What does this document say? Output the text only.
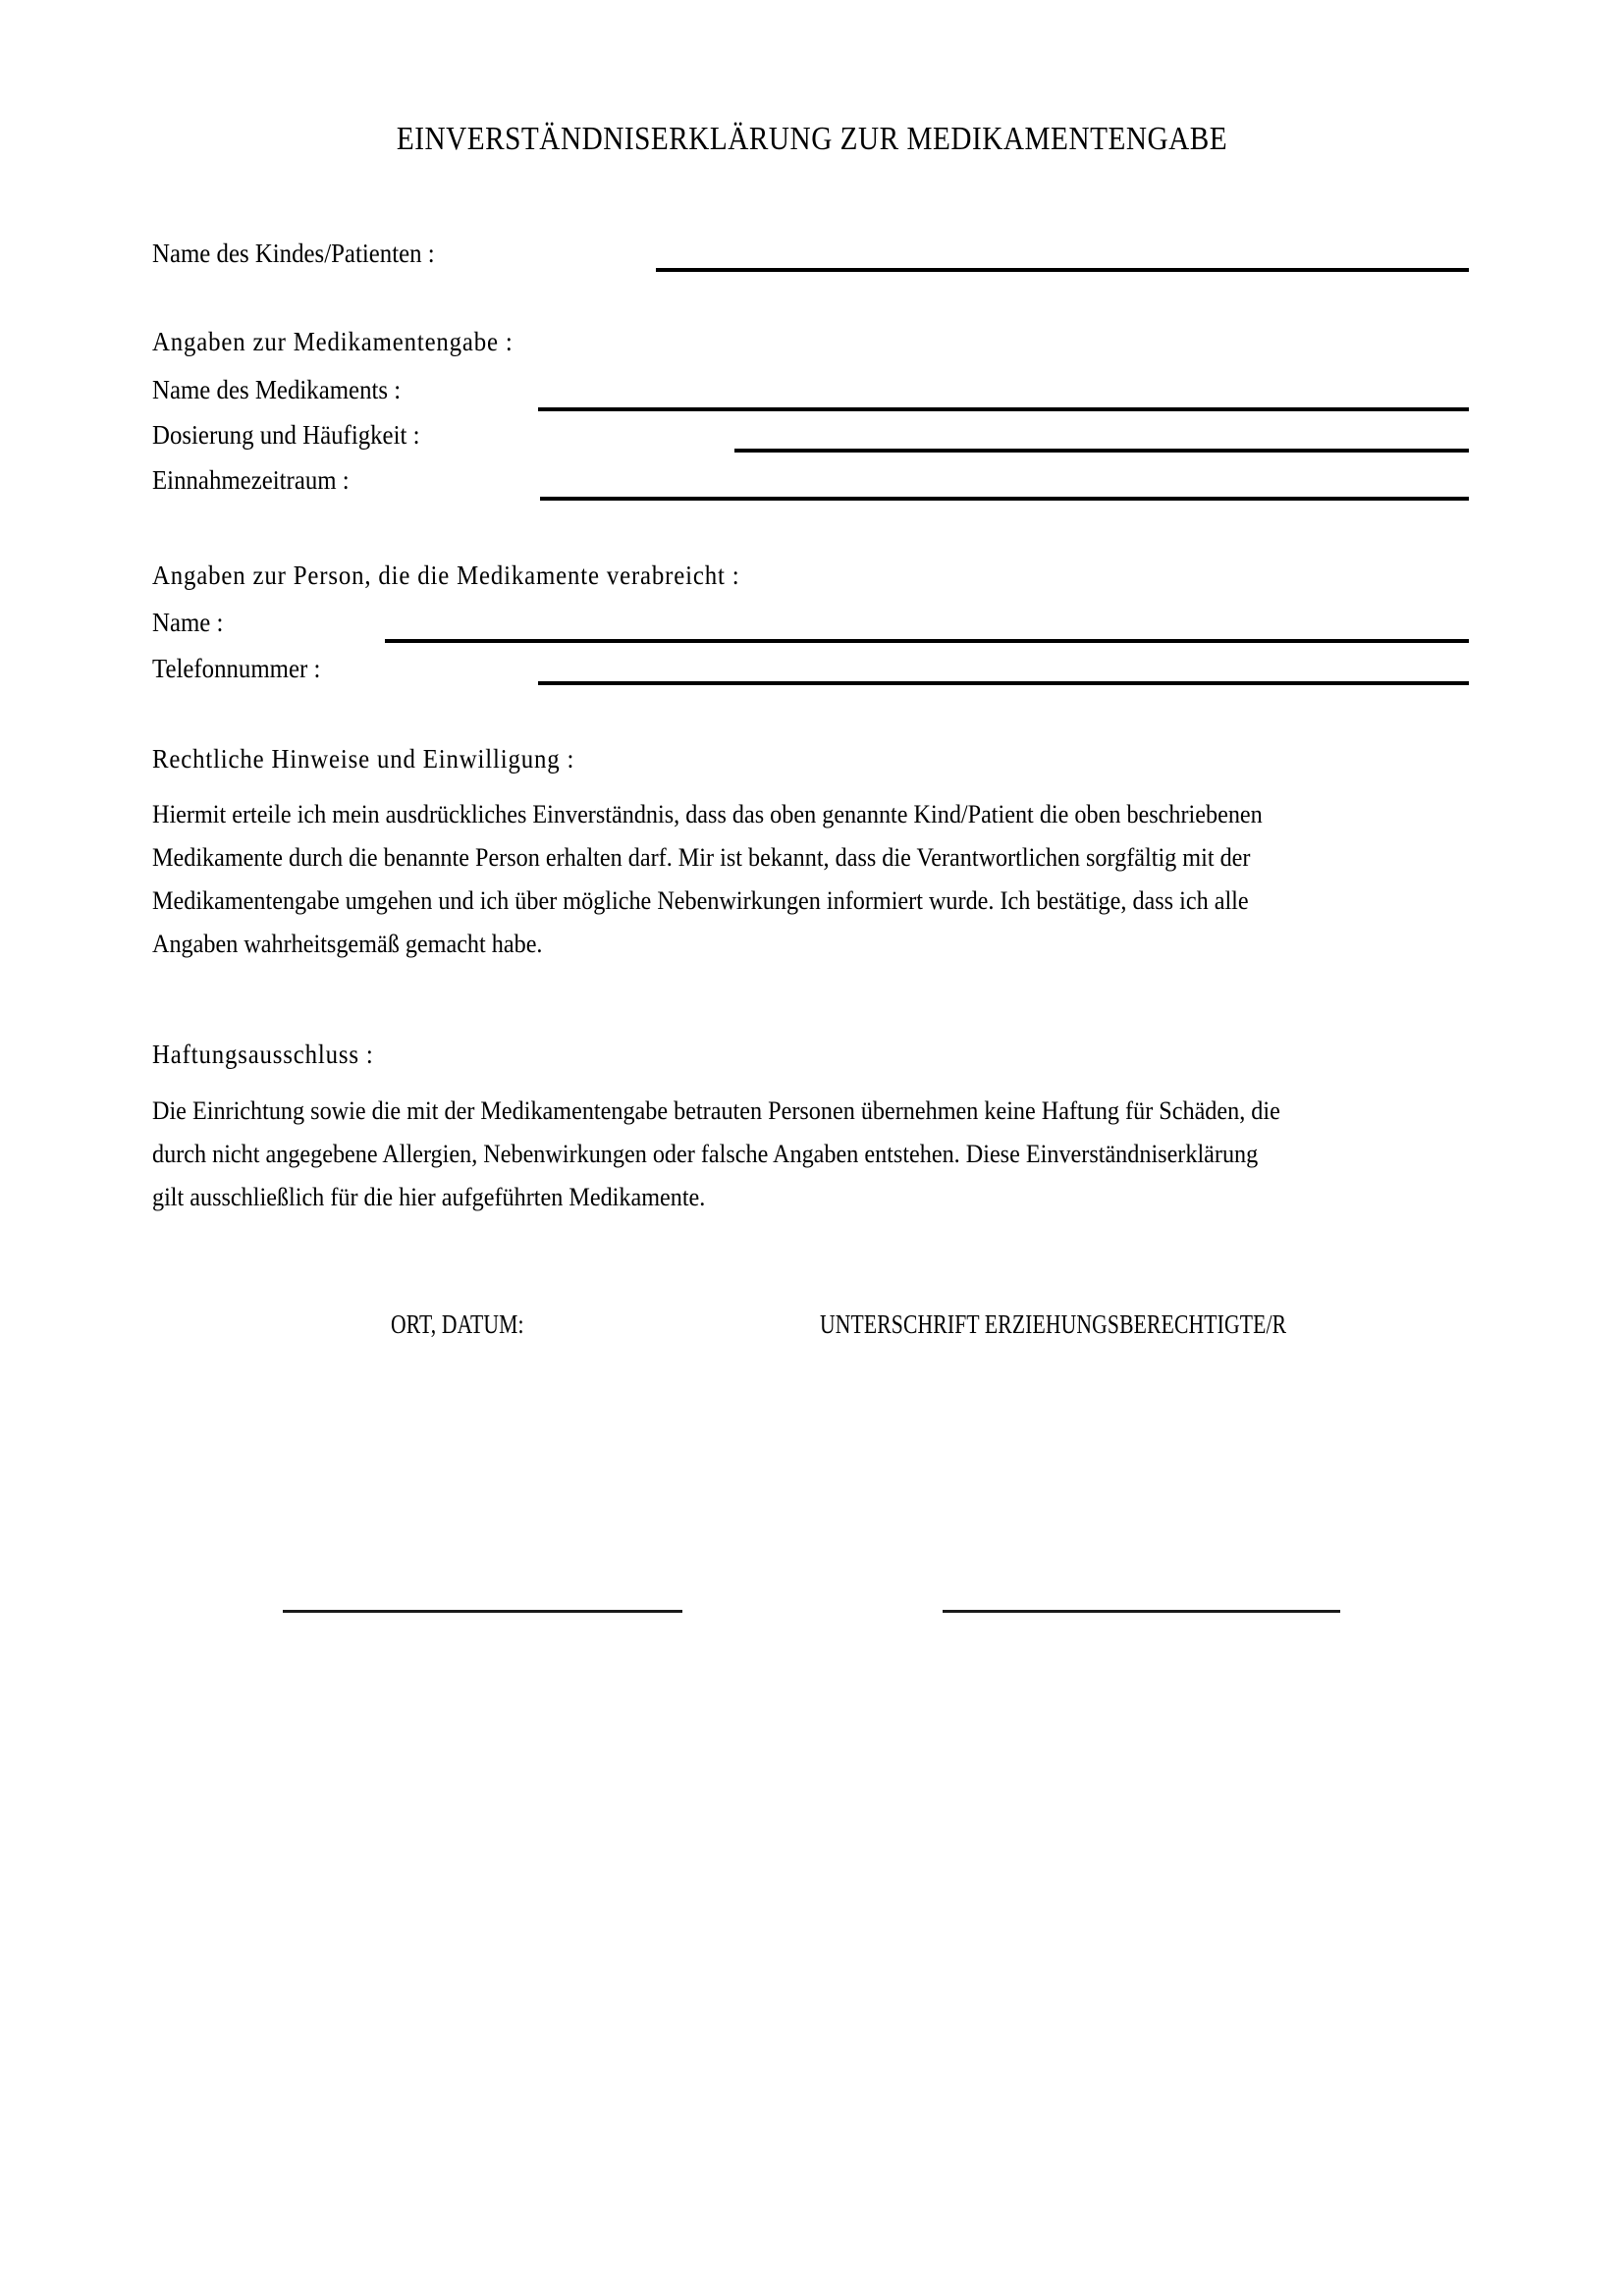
EINVERSTÄNDNISERKLÄRUNG ZUR MEDIKAMENTENGABE
Name des Kindes/Patienten :
Angaben zur Medikamentengabe :
Name des Medikaments :
Dosierung und Häufigkeit :
Einnahmezeitraum :
Angaben zur Person, die die Medikamente verabreicht :
Name :
Telefonnummer :
Rechtliche Hinweise und Einwilligung :
Hiermit erteile ich mein ausdrückliches Einverständnis, dass das oben genannte Kind/Patient die oben beschriebenen
Medikamente durch die benannte Person erhalten darf. Mir ist bekannt, dass die Verantwortlichen sorgfältig mit der
Medikamentengabe umgehen und ich über mögliche Nebenwirkungen informiert wurde. Ich bestätige, dass ich alle
Angaben wahrheitsgemäß gemacht habe.
Haftungsausschluss :
Die Einrichtung sowie die mit der Medikamentengabe betrauten Personen übernehmen keine Haftung für Schäden, die
durch nicht angegebene Allergien, Nebenwirkungen oder falsche Angaben entstehen. Diese Einverständniserklärung
gilt ausschließlich für die hier aufgeführten Medikamente.
ORT, DATUM:	UNTERSCHRIFT ERZIEHUNGSBERECHTIGTE/R
